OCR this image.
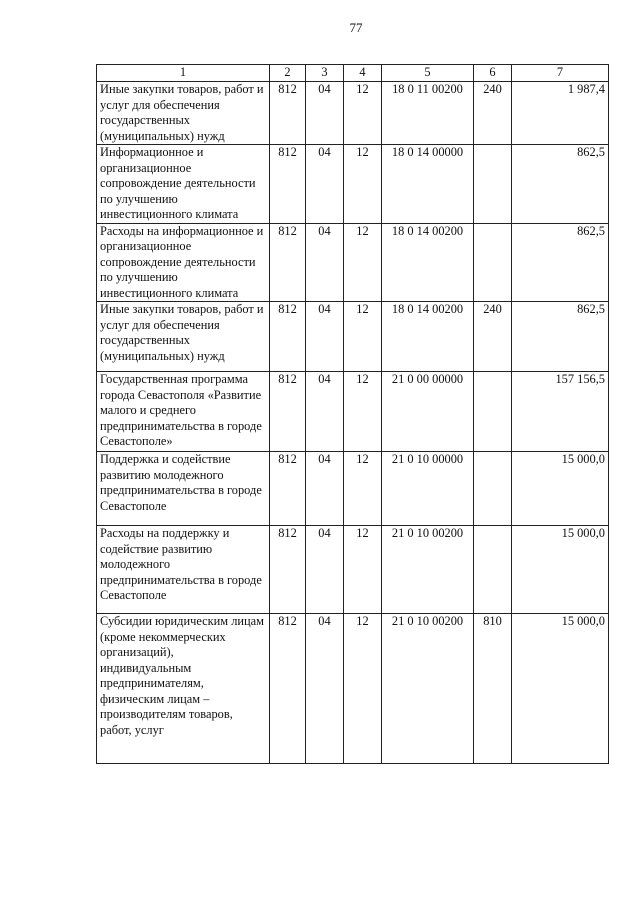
77
1	2	3	4	5	6	7
Иные закупки товаров, работ и услуг для обеспечения государственных (муниципальных) нужд	812	04	12	18 0 11 00200	240	1 987,4
Информационное и организационное сопровождение деятельности по улучшению инвестиционного климата	812	04	12	18 0 14 00000		862,5
Расходы на информационное и организационное сопровождение деятельности по улучшению инвестиционного климата	812	04	12	18 0 14 00200		862,5
Иные закупки товаров, работ и услуг для обеспечения государственных (муниципальных) нужд	812	04	12	18 0 14 00200	240	862,5
Государственная программа города Севастополя «Развитие малого и среднего предпринимательства в городе Севастополе»	812	04	12	21 0 00 00000		157 156,5
Поддержка и содействие развитию молодежного предпринимательства в городе Севастополе	812	04	12	21 0 10 00000		15 000,0
Расходы на поддержку и содействие развитию молодежного предпринимательства в городе Севастополе	812	04	12	21 0 10 00200		15 000,0
Субсидии юридическим лицам (кроме некоммерческих организаций), индивидуальным предпринимателям, физическим лицам – производителям товаров, работ, услуг	812	04	12	21 0 10 00200	810	15 000,0
